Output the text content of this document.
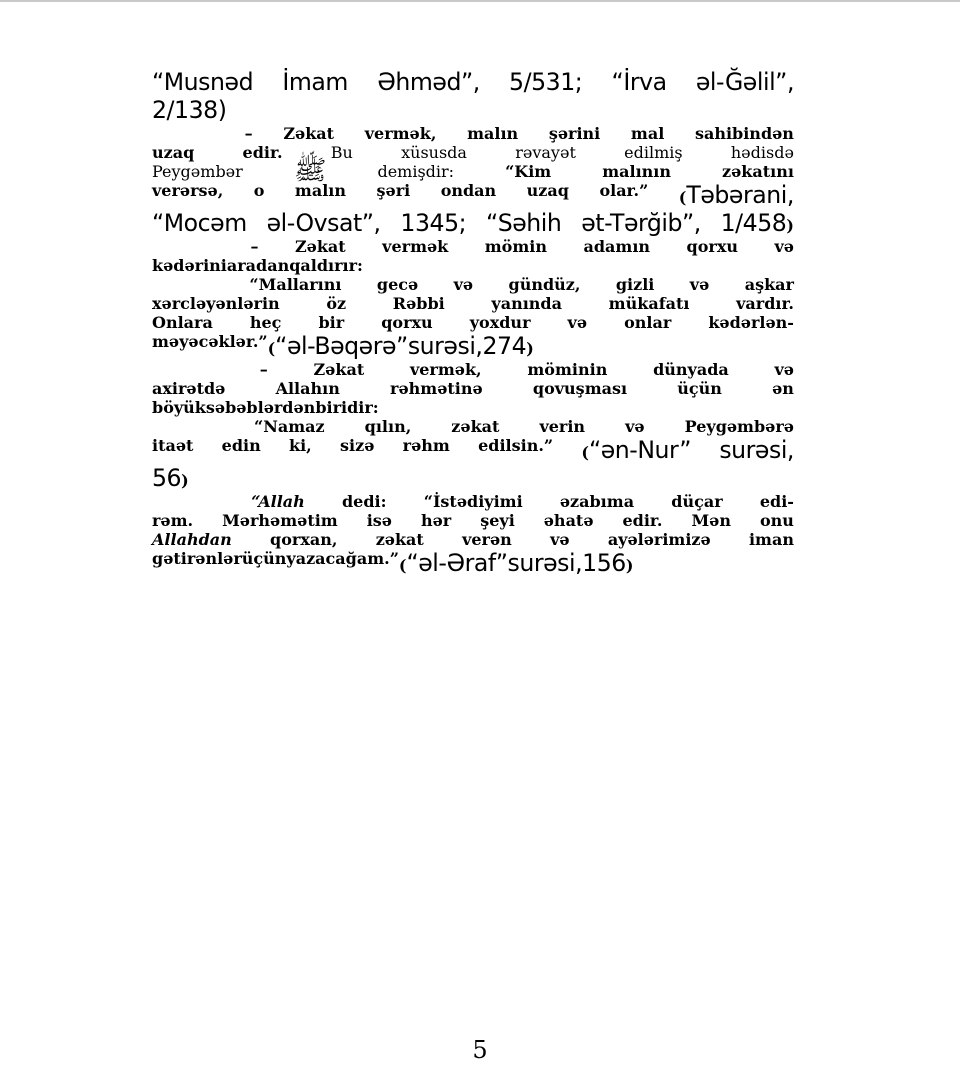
“Musnəd İmam Əhməd”, 5/531; “İrva əl-Ğəlil”,
2/138)
– Zəkat vermək, malın şərini mal sahibindən
uzaq	edir.	Bu	xüsusda	rəvayət	edilmiş	hədisdə
Peygəmbər ﷺ	demişdir:	“Kim	malının	zəkatını
verərsə, o malın şəri ondan uzaq olar.” (Təbərani,
“Mocəm əl-Ovsat”, 1345; “Səhih ət-Tərğib”, 1/458)
– Zəkat vermək mömin adamın qorxu və
kədərini aradan qaldırır:
“Mallarını gecə və gündüz, gizli və aşkar
xərcləyənlərin	öz	Rəbbi	yanında	mükafatı	vardır.
Onlara heç bir qorxu yoxdur və onlar kədərlən-
məyəcəklər.” (“əl-Bəqərə” surəsi, 274)
–	Zəkat	vermək,	möminin	dünyada	və
axirətdə	Allahın	rəhmətinə	qovuşması	üçün	ən
böyük səbəblərdən biridir:
“Namaz	qılın,	zəkat	verin	və	Peygəmbərə
itaət edin ki, sizə rəhm edilsin.” (“ən-Nur” surəsi,
56)
“Allah dedi: “İstədiyimi əzabıma düçar edi-
rəm. Mərhəmətim isə hər şeyi əhatə edir. Mən onu
Allahdan qorxan, zəkat verən və ayələrimizə iman
gətirənlər üçün yazacağam.” (“əl-Əraf” surəsi, 156)
5
